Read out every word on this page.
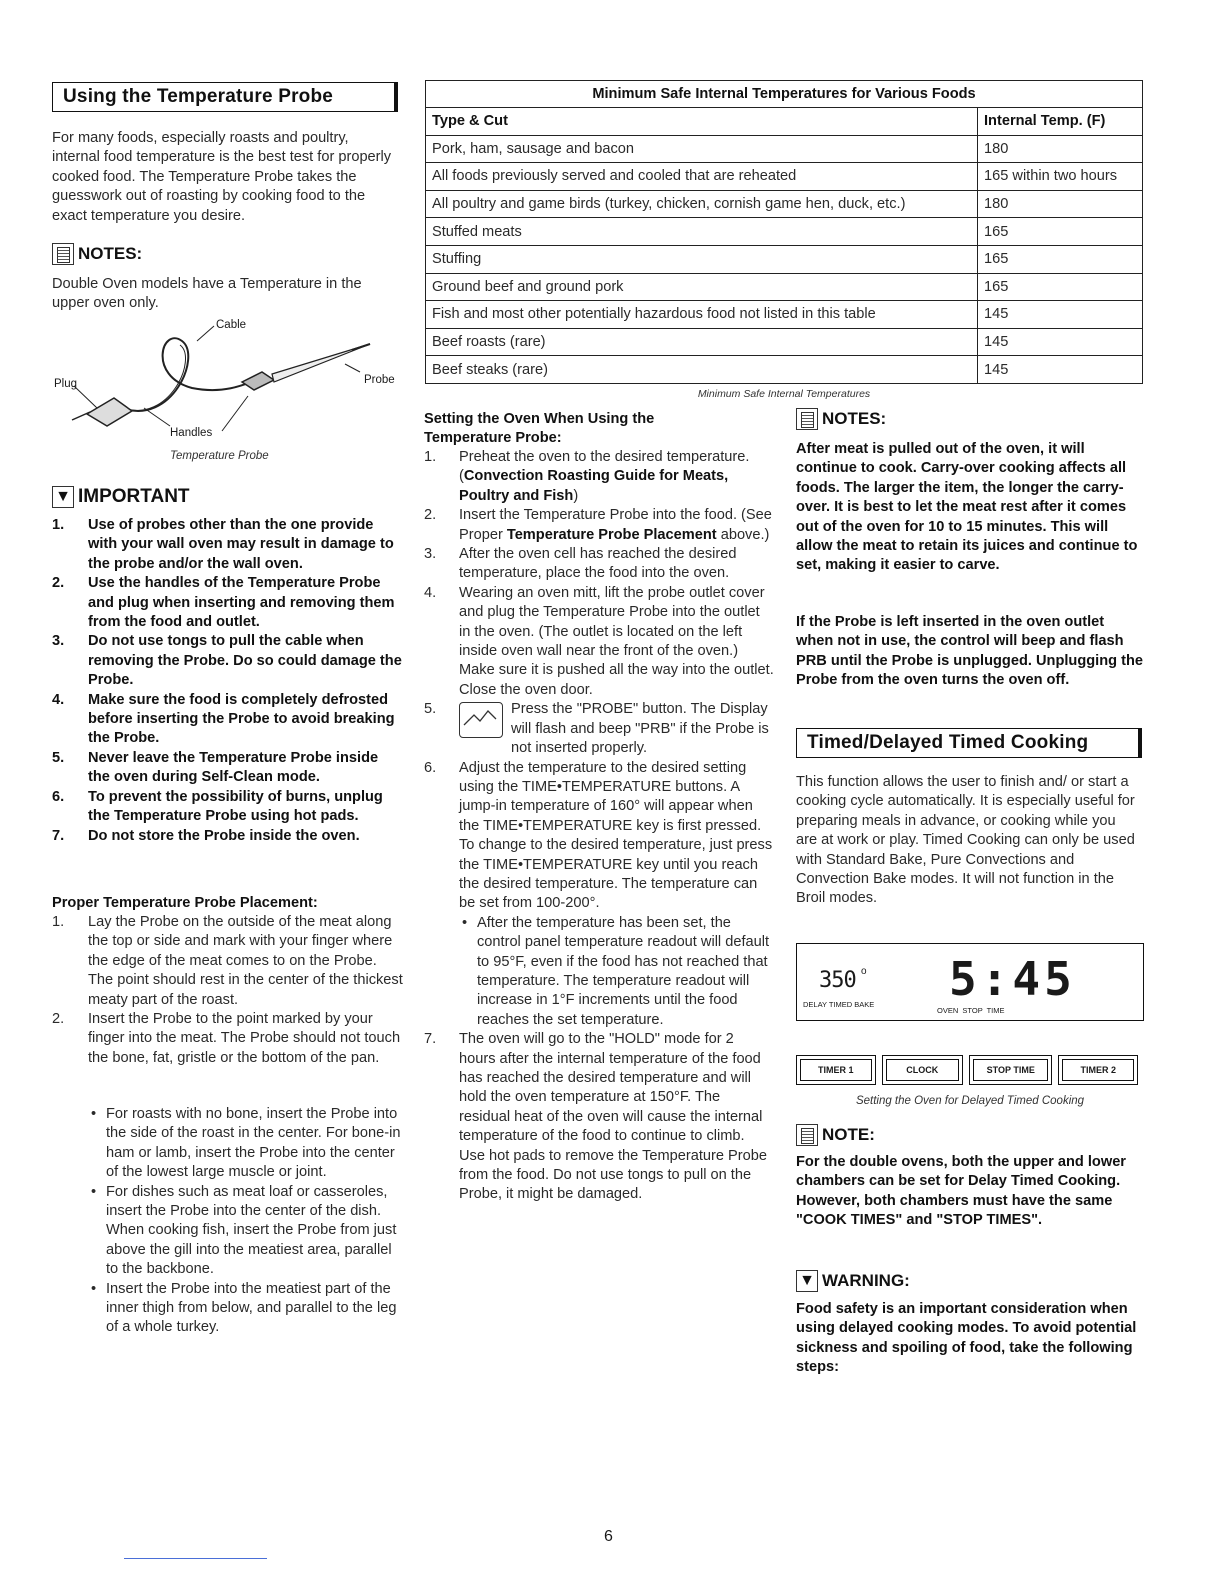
Using the Temperature Probe
For many foods, especially roasts and poultry, internal food temperature is the best test for properly cooked food. The Temperature Probe takes the guesswork out of roasting by cooking food to the exact temperature you desire.
NOTES:
Double Oven models have a Temperature in the upper oven only.
Cable
Plug	Probe
Handles
Temperature Probe
▼ IMPORTANT
1.	Use of probes other than the one provide with your wall oven may result in damage to the probe and/or the wall oven.
2.	Use the handles of the Temperature Probe and plug when inserting and removing them from the food and outlet.
3.	Do not use tongs to pull the cable when removing the Probe. Do so could damage the Probe.
4.	Make sure the food is completely defrosted before inserting the Probe to avoid breaking the Probe.
5.	Never leave the Temperature Probe inside the oven during Self-Clean mode.
6.	To prevent the possibility of burns, unplug the Temperature Probe using hot pads.
7.	Do not store the Probe inside the oven.
Proper Temperature Probe Placement:
1.	Lay the Probe on the outside of the meat along the top or side and mark with your finger where the edge of the meat comes to on the Probe. The point should rest in the center of the thickest meaty part of the roast.
2.	Insert the Probe to the point marked by your finger into the meat. The Probe should not touch the bone, fat, gristle or the bottom of the pan.
• For roasts with no bone, insert the Probe into the side of the roast in the center. For bone-in ham or lamb, insert the Probe into the center of the lowest large muscle or joint.
• For dishes such as meat loaf or casseroles, insert the Probe into the center of the dish. When cooking fish, insert the Probe from just above the gill into the meatiest area, parallel to the backbone.
• Insert the Probe into the meatiest part of the inner thigh from below, and parallel to the leg of a whole turkey.
Minimum Safe Internal Temperatures for Various Foods
Type & Cut	Internal Temp. (F)
Pork, ham, sausage and bacon	180
All foods previously served and cooled that are reheated	165 within two hours
All poultry and game birds (turkey, chicken, cornish game hen, duck, etc.)	180
Stuffed meats	165
Stuffing	165
Ground beef and ground pork	165
Fish and most other potentially hazardous food not listed in this table	145
Beef roasts (rare)	145
Beef steaks (rare)	145
Minimum Safe Internal Temperatures
Setting the Oven When Using the
Temperature Probe:
1.	Preheat the oven to the desired temperature. (Convection Roasting Guide for Meats, Poultry and Fish)
2.	Insert the Temperature Probe into the food. (See Proper Temperature Probe Placement above.)
3.	After the oven cell has reached the desired temperature, place the food into the oven.
4.	Wearing an oven mitt, lift the probe outlet cover and plug the Temperature Probe into the outlet in the oven. (The outlet is located on the left inside oven wall near the front of the oven.) Make sure it is pushed all the way into the outlet. Close the oven door.
5.	Press the "PROBE" button. The Display will flash and beep "PRB" if the Probe is not inserted properly.
6.	Adjust the temperature to the desired setting using the TIME•TEMPERATURE buttons. A jump-in temperature of 160° will appear when the TIME•TEMPERATURE key is first pressed. To change to the desired temperature, just press the TIME•TEMPERATURE key until you reach the desired temperature. The temperature can be set from 100-200°.
• After the temperature has been set, the control panel temperature readout will default to 95°F, even if the food has not reached that temperature. The temperature readout will increase in 1°F increments until the food reaches the set temperature.
7.	The oven will go to the "HOLD" mode for 2 hours after the internal temperature of the food has reached the desired temperature and will hold the oven temperature at 150°F. The residual heat of the oven will cause the internal temperature of the food to continue to climb. Use hot pads to remove the Temperature Probe from the food. Do not use tongs to pull on the Probe, it might be damaged.
NOTES:
After meat is pulled out of the oven, it will continue to cook. Carry-over cooking affects all foods. The larger the item, the longer the carry-over. It is best to let the meat rest after it comes out of the oven for 10 to 15 minutes. This will allow the meat to retain its juices and continue to set, making it easier to carve.
If the Probe is left inserted in the oven outlet when not in use, the control will beep and flash PRB until the Probe is unplugged. Unplugging the Probe from the oven turns the oven off.
Timed/Delayed Timed Cooking
This function allows the user to finish and/ or start a cooking cycle automatically. It is especially useful for preparing meals in advance, or cooking while you are at work or play. Timed Cooking can only be used with Standard Bake, Pure Convections and Convection Bake modes. It will not function in the Broil modes.
350 o
DELAY TIMED BAKE 5:45
OVEN  STOP  TIME
TIMER 1	CLOCK	STOP TIME	TIMER 2
Setting the Oven for Delayed Timed Cooking
NOTE:
For the double ovens, both the upper and lower chambers can be set for Delay Timed Cooking. However, both chambers must have the same "COOK TIMES" and "STOP TIMES".
▼ WARNING:
Food safety is an important consideration when using delayed cooking modes. To avoid potential sickness and spoiling of food, take the following steps:
6
